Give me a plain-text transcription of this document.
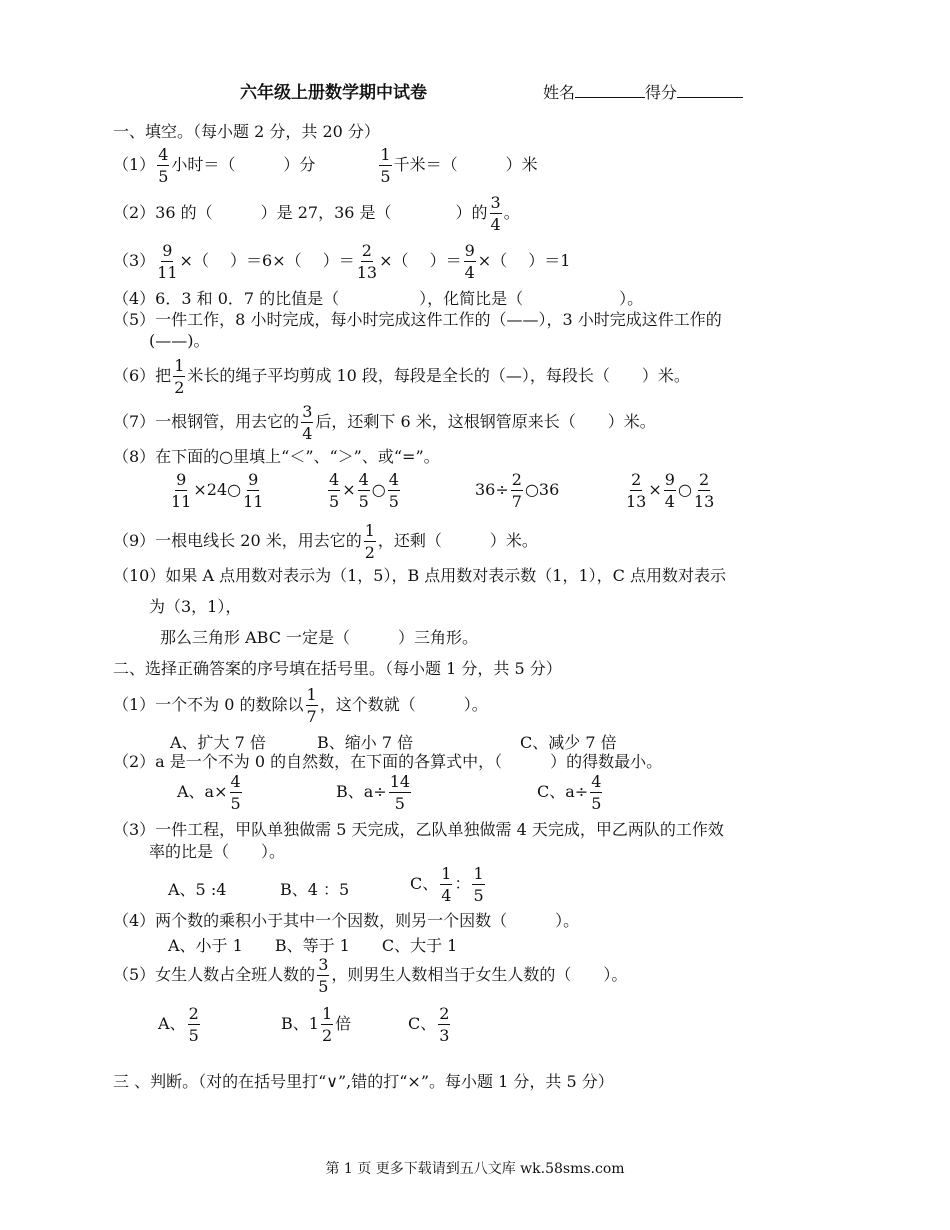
六年级上册数学期中试卷	姓名	得分
一、填空。（每小题 2 分，共 20 分）
$(1) \frac{4}{5}$ 小时＝（　　　）分	$\frac{1}{5}$ 千米＝（　　　）米
（2）36 的（　　　）是 27，36 是（　　　　）的 $\frac{3}{4}$ 。
$(3) \frac{9}{11}$ ×（　 ）＝6×（　 ）＝ $\frac{2}{13}$ ×（　 ）＝ $\frac{9}{4}$ ×（　 ）＝1
（4）6．3 和 0．7 的比值是（　　　　　），化简比是（　　　　　　）。
（5）一件工作，8 小时完成，每小时完成这件工作的（——），3 小时完成这件工作的
(——)。
（6）把 $\frac{1}{2}$ 米长的绳子平均剪成 10 段，每段是全长的（—），每段长（　　）米。
（7）一根钢管，用去它的 $\frac{3}{4}$ 后，还剩下 6 米，这根钢管原来长（　　）米。
（8）在下面的○里填上“＜”、“＞”、或“=”。
$\frac{9}{11}$ ×24○ $\frac{9}{11}$	$\frac{4}{5} \times \frac{4}{5}$ ○ $\frac{4}{5}$	$36\div \frac{2}{7}$ ○36	$\frac{2}{13} \times \frac{9}{4}$ ○ $\frac{2}{13}$
（9）一根电线长 20 米，用去它的 $\frac{1}{2}$ ，还剩（　　　）米。
（10）如果 A 点用数对表示为（1，5），B 点用数对表示数（1，1），C 点用数对表示
为（3，1），
那么三角形 ABC 一定是（　　　）三角形。
二、选择正确答案的序号填在括号里。（每小题 1 分，共 5 分）
（1）一个不为 0 的数除以 $\frac{1}{7}$ ，这个数就（　　　）。
A、扩大 7 倍	B、缩小 7 倍	C、减少 7 倍
（2）a 是一个不为 0 的自然数，在下面的各算式中，（　　　）的得数最小。
A、$a\times \frac{4}{5}$	B、$a\div \frac{14}{5}$	C、$a\div \frac{4}{5}$
（3）一件工程，甲队单独做需 5 天完成，乙队单独做需 4 天完成，甲乙两队的工作效
率的比是（　　）。
A、5 :4	B、4 ：5	C、 $\frac{1}{4}$ ： $\frac{1}{5}$
（4）两个数的乘积小于其中一个因数，则另一个因数（　　　）。
A、小于 1　　B、等于 1　　C、大于 1
（5）女生人数占全班人数的 $\frac{3}{5}$ ，则男生人数相当于女生人数的（　　）。
A、 $\frac{2}{5}$	B、$1 \frac{1}{2}$ 倍	C、 $\frac{2}{3}$
三 、判断。（对的在括号里打“∨”,错的打“×”。每小题 1 分，共 5 分）
第 1 页 更多下载请到五八文库 wk.58sms.com
